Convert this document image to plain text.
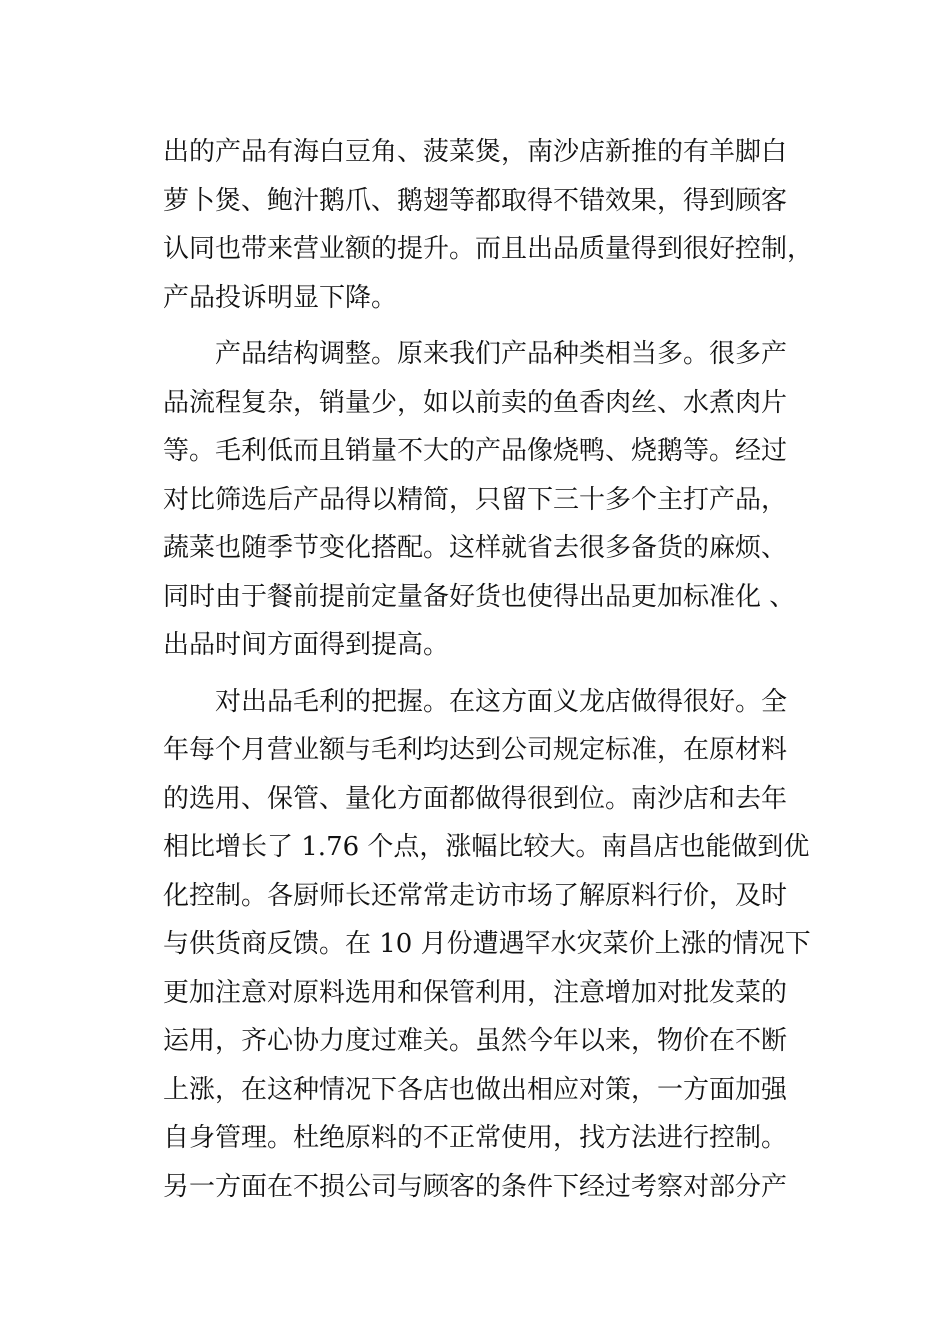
出的产品有海白豆角、菠菜煲，南沙店新推的有羊脚白
萝卜煲、鲍汁鹅爪、鹅翅等都取得不错效果，得到顾客
认同也带来营业额的提升。而且出品质量得到很好控制，
产品投诉明显下降。
产品结构调整。原来我们产品种类相当多。很多产
品流程复杂，销量少，如以前卖的鱼香肉丝、水煮肉片
等。毛利低而且销量不大的产品像烧鸭、烧鹅等。经过
对比筛选后产品得以精简，只留下三十多个主打产品，
蔬菜也随季节变化搭配。这样就省去很多备货的麻烦、
同时由于餐前提前定量备好货也使得出品更加标准化 、
出品时间方面得到提高。
对出品毛利的把握。在这方面义龙店做得很好。全
年每个月营业额与毛利均达到公司规定标准，在原材料
的选用、保管、量化方面都做得很到位。南沙店和去年
相比增长了 1.76 个点，涨幅比较大。南昌店也能做到优
化控制。各厨师长还常常走访市场了解原料行价，及时
与供货商反馈。在 10 月份遭遇罕水灾菜价上涨的情况下
更加注意对原料选用和保管利用，注意增加对批发菜的
运用，齐心协力度过难关。虽然今年以来，物价在不断
上涨，在这种情况下各店也做出相应对策，一方面加强
自身管理。杜绝原料的不正常使用，找方法进行控制。
另一方面在不损公司与顾客的条件下经过考察对部分产
